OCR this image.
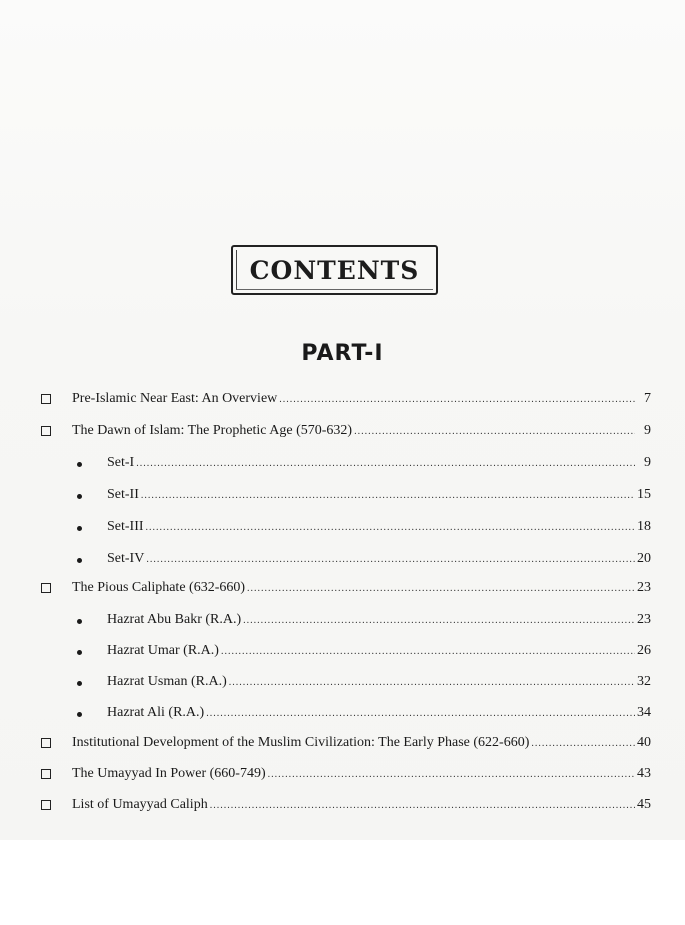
CONTENTS
PART-I
Pre-Islamic Near East: An Overview .....	7
The Dawn of Islam: The Prophetic Age (570-632) .....	9
Set-I .....	9
Set-II .....	15
Set-III .....	18
Set-IV .....	20
The Pious Caliphate (632-660) .....	23
Hazrat Abu Bakr (R.A.) .....	23
Hazrat Umar (R.A.) .....	26
Hazrat Usman (R.A.) .....	32
Hazrat Ali (R.A.) .....	34
Institutional Development of the Muslim Civilization: The Early Phase (622-660) .....	40
The Umayyad In Power (660-749) .....	43
List of Umayyad Caliph .....	45
